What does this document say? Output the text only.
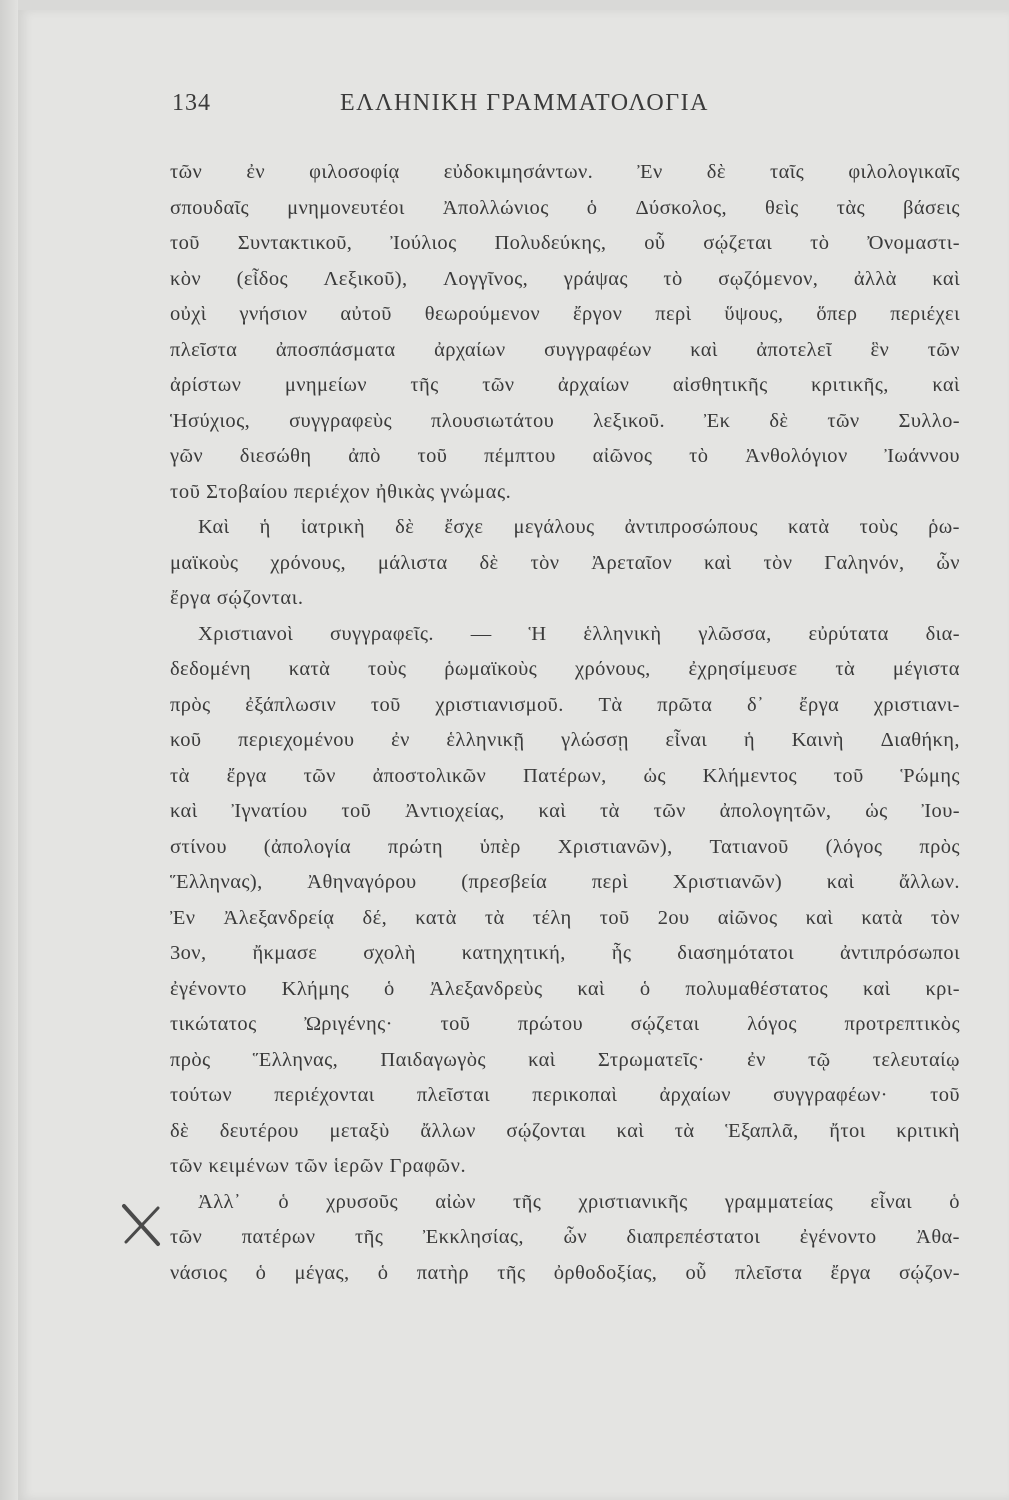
134	ΕΛΛΗΝΙΚΗ ΓΡΑΜΜΑΤΟΛΟΓΙΑ
τῶν ἐν φιλοσοφίᾳ εὐδοκιμησάντων. Ἐν δὲ ταῖς φιλολογικαῖς
σπουδαῖς μνημονευτέοι Ἀπολλώνιος ὁ Δύσκολος, θεὶς τὰς βάσεις
τοῦ Συντακτικοῦ, Ἰούλιος Πολυδεύκης, οὗ σῴζεται τὸ Ὀνομαστι-
κὸν (εἶδος Λεξικοῦ), Λογγῖνος, γράψας τὸ σῳζόμενον, ἀλλὰ καὶ
οὐχὶ γνήσιον αὐτοῦ θεωρούμενον ἔργον περὶ ὕψους, ὅπερ περιέχει
πλεῖστα ἀποσπάσματα ἀρχαίων συγγραφέων καὶ ἀποτελεῖ ἓν τῶν
ἀρίστων μνημείων τῆς τῶν ἀρχαίων αἰσθητικῆς κριτικῆς, καὶ
Ἡσύχιος, συγγραφεὺς πλουσιωτάτου λεξικοῦ. Ἐκ δὲ τῶν Συλλο-
γῶν διεσώθη ἀπὸ τοῦ πέμπτου αἰῶνος τὸ Ἀνθολόγιον Ἰωάννου
τοῦ Στοβαίου περιέχον ἠθικὰς γνώμας.
Καὶ ἡ ἰατρικὴ δὲ ἔσχε μεγάλους ἀντιπροσώπους κατὰ τοὺς ῥω-
μαϊκοὺς χρόνους, μάλιστα δὲ τὸν Ἀρεταῖον καὶ τὸν Γαληνόν, ὧν
ἔργα σῴζονται.
Χριστιανοὶ συγγραφεῖς. — Ἡ ἑλληνικὴ γλῶσσα, εὐρύτατα δια-
δεδομένη κατὰ τοὺς ῥωμαϊκοὺς χρόνους, ἐχρησίμευσε τὰ μέγιστα
πρὸς ἐξάπλωσιν τοῦ χριστιανισμοῦ. Τὰ πρῶτα δ᾽ ἔργα χριστιανι-
κοῦ περιεχομένου ἐν ἑλληνικῇ γλώσσῃ εἶναι ἡ Καινὴ Διαθήκη,
τὰ ἔργα τῶν ἀποστολικῶν Πατέρων, ὡς Κλήμεντος τοῦ Ῥώμης
καὶ Ἰγνατίου τοῦ Ἀντιοχείας, καὶ τὰ τῶν ἀπολογητῶν, ὡς Ἰου-
στίνου (ἀπολογία πρώτη ὑπὲρ Χριστιανῶν), Τατιανοῦ (λόγος πρὸς
Ἕλληνας), Ἀθηναγόρου (πρεσβεία περὶ Χριστιανῶν) καὶ ἄλλων.
Ἐν Ἀλεξανδρείᾳ δέ, κατὰ τὰ τέλη τοῦ 2ου αἰῶνος καὶ κατὰ τὸν
3ον, ἤκμασε σχολὴ κατηχητική, ἧς διασημότατοι ἀντιπρόσωποι
ἐγένοντο Κλήμης ὁ Ἀλεξανδρεὺς καὶ ὁ πολυμαθέστατος καὶ κρι-
τικώτατος Ὠριγένης· τοῦ πρώτου σῴζεται λόγος προτρεπτικὸς
πρὸς Ἕλληνας, Παιδαγωγὸς καὶ Στρωματεῖς· ἐν τῷ τελευταίῳ
τούτων περιέχονται πλεῖσται περικοπαὶ ἀρχαίων συγγραφέων· τοῦ
δὲ δευτέρου μεταξὺ ἄλλων σῴζονται καὶ τὰ Ἑξαπλᾶ, ἤτοι κριτικὴ
τῶν κειμένων τῶν ἱερῶν Γραφῶν.
Ἀλλ᾽ ὁ χρυσοῦς αἰὼν τῆς χριστιανικῆς γραμματείας εἶναι ὁ
τῶν πατέρων τῆς Ἐκκλησίας, ὧν διαπρεπέστατοι ἐγένοντο Ἀθα-
νάσιος ὁ μέγας, ὁ πατὴρ τῆς ὀρθοδοξίας, οὗ πλεῖστα ἔργα σῴζον-
